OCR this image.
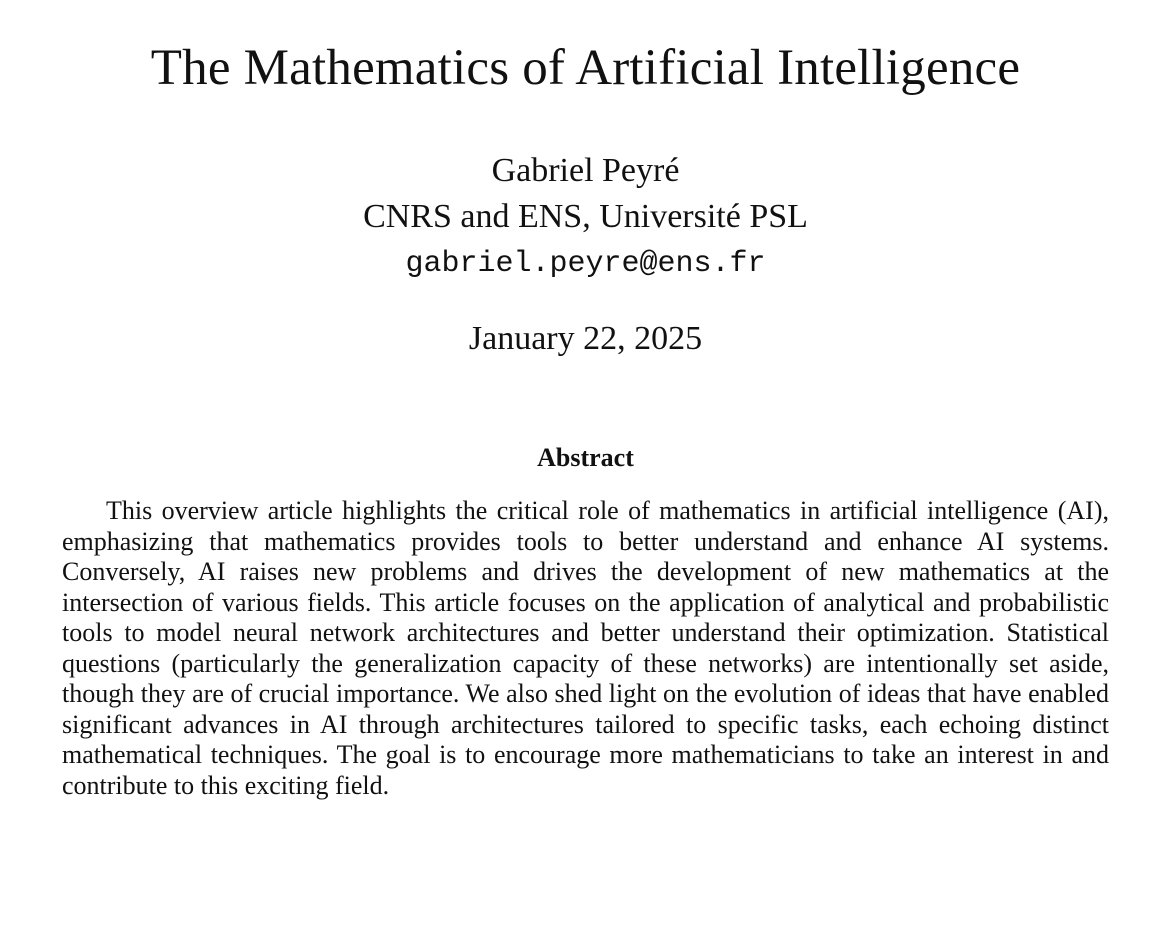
The Mathematics of Artificial Intelligence
Gabriel Peyré
CNRS and ENS, Université PSL
gabriel.peyre@ens.fr
January 22, 2025
Abstract

This overview article highlights the critical role of mathematics in artificial intelligence (AI), emphasizing that mathematics provides tools to better understand and enhance AI systems. Conversely, AI raises new problems and drives the development of new mathematics at the intersection of various fields. This article focuses on the application of analytical and probabilistic tools to model neural network architectures and better understand their optimization. Statistical questions (particularly the generalization capacity of these networks) are intentionally set aside, though they are of crucial importance. We also shed light on the evolution of ideas that have enabled significant advances in AI through architectures tailored to specific tasks, each echoing distinct mathematical techniques. The goal is to encourage more mathematicians to take an interest in and contribute to this exciting field.
